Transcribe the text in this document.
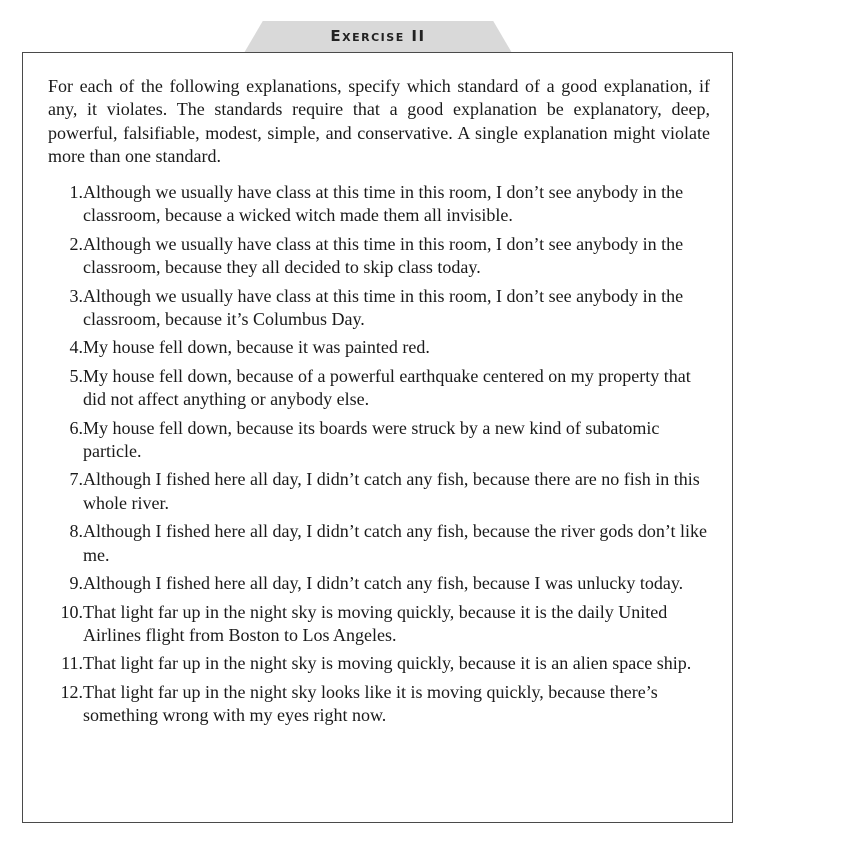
Exercise II

For each of the following explanations, specify which standard of a good explanation, if any, it violates. The standards require that a good explanation be explanatory, deep, powerful, falsifiable, modest, simple, and conservative. A single explanation might violate more than one standard.

1. Although we usually have class at this time in this room, I don’t see anybody in the classroom, because a wicked witch made them all invisible.
2. Although we usually have class at this time in this room, I don’t see anybody in the classroom, because they all decided to skip class today.
3. Although we usually have class at this time in this room, I don’t see anybody in the classroom, because it’s Columbus Day.
4. My house fell down, because it was painted red.
5. My house fell down, because of a powerful earthquake centered on my property that did not affect anything or anybody else.
6. My house fell down, because its boards were struck by a new kind of subatomic particle.
7. Although I fished here all day, I didn’t catch any fish, because there are no fish in this whole river.
8. Although I fished here all day, I didn’t catch any fish, because the river gods don’t like me.
9. Although I fished here all day, I didn’t catch any fish, because I was unlucky today.
10. That light far up in the night sky is moving quickly, because it is the daily United Airlines flight from Boston to Los Angeles.
11. That light far up in the night sky is moving quickly, because it is an alien space ship.
12. That light far up in the night sky looks like it is moving quickly, because there’s something wrong with my eyes right now.
